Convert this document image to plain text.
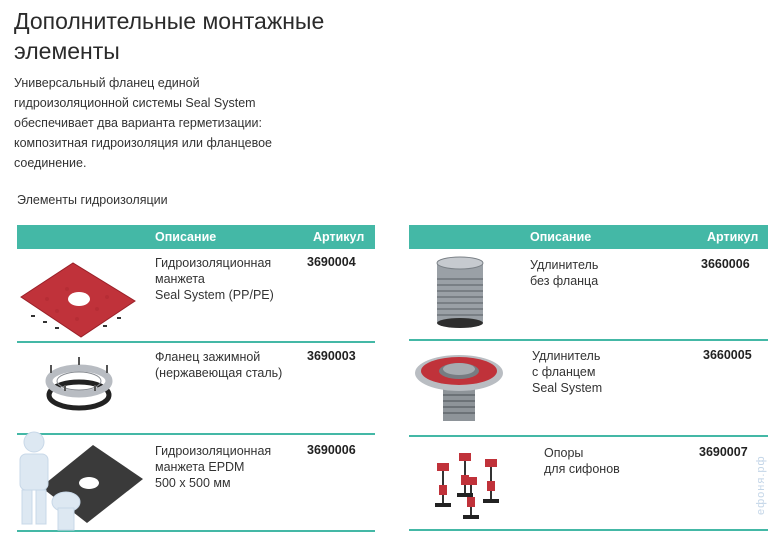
Дополнительные монтажные элементы
Универсальный фланец единой гидроизоляционной системы Seal System обеспечивает два варианта герметизации: композитная гидроизоляция или фланцевое соединение.
Элементы гидроизоляции
Описание	Артикул
Гидроизоляционная
манжета
Seal System (PP/PE)
3690004
Фланец зажимной
(нержавеющая сталь)
3690003
Гидроизоляционная
манжета EPDM
500 х 500 мм
3690006
Описание	Артикул
Удлинитель
без фланца
3660006
Удлинитель
с фланцем
Seal System
3660005
Опоры
для сифонов
3690007
ефоня.рф
